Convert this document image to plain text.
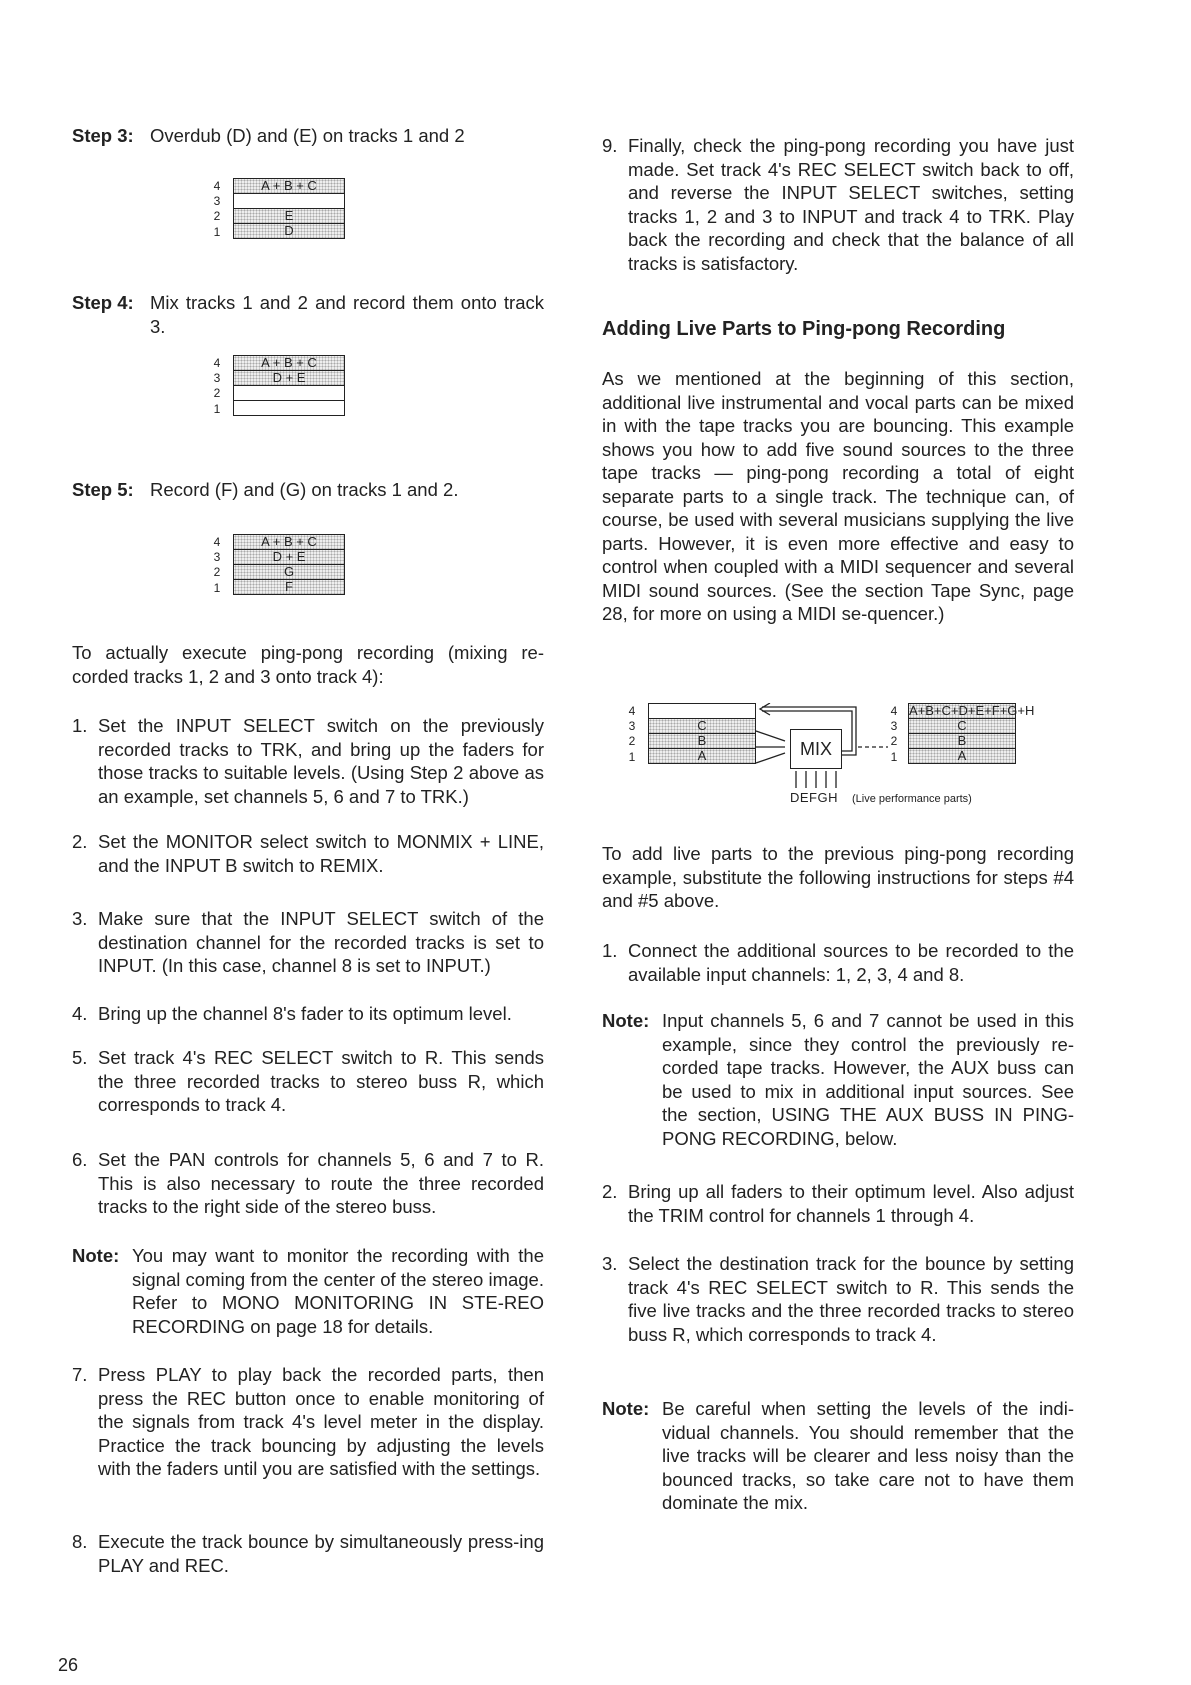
Step 3: Overdub (D) and (E) on tracks 1 and 2
4
3
2
1
A + B + C
E
D
Step 4: Mix tracks 1 and 2 and record them onto track 3.
4
3
2
1
A + B + C
D + E
Step 5: Record (F) and (G) on tracks 1 and 2.
4
3
2
1
A + B + C
D + E
G
F
To actually execute ping-pong recording (mixing re-corded tracks 1, 2 and 3 onto track 4):
1. Set the INPUT SELECT switch on the previously recorded tracks to TRK, and bring up the faders for those tracks to suitable levels. (Using Step 2 above as an example, set channels 5, 6 and 7 to TRK.)
2. Set the MONITOR select switch to MONMIX + LINE, and the INPUT B switch to REMIX.
3. Make sure that the INPUT SELECT switch of the destination channel for the recorded tracks is set to INPUT. (In this case, channel 8 is set to INPUT.)
4. Bring up the channel 8's fader to its optimum level.
5. Set track 4's REC SELECT switch to R. This sends the three recorded tracks to stereo buss R, which corresponds to track 4.
6. Set the PAN controls for channels 5, 6 and 7 to R. This is also necessary to route the three recorded tracks to the right side of the stereo buss.
Note: You may want to monitor the recording with the signal coming from the center of the stereo image. Refer to MONO MONITORING IN STE-REO RECORDING on page 18 for details.
7. Press PLAY to play back the recorded parts, then press the REC button once to enable monitoring of the signals from track 4's level meter in the display. Practice the track bouncing by adjusting the levels with the faders until you are satisfied with the settings.
8. Execute the track bounce by simultaneously press-ing PLAY and REC.
9. Finally, check the ping-pong recording you have just made. Set track 4's REC SELECT switch back to off, and reverse the INPUT SELECT switches, setting tracks 1, 2 and 3 to INPUT and track 4 to TRK. Play back the recording and check that the balance of all tracks is satisfactory.
Adding Live Parts to Ping-pong Recording
As we mentioned at the beginning of this section, additional live instrumental and vocal parts can be mixed in with the tape tracks you are bouncing. This example shows you how to add five sound sources to the three tape tracks — ping-pong recording a total of eight separate parts to a single track. The technique can, of course, be used with several musicians supplying the live parts. However, it is even more effective and easy to control when coupled with a MIDI sequencer and several MIDI sound sources. (See the section Tape Sync, page 28, for more on using a MIDI se-quencer.)
4
3
2
1
C
B
A
4
3
2
1
A+B+C+D+E+F+G+H
C
B
A
MIX
DEFGH (Live performance parts)
To add live parts to the previous ping-pong recording example, substitute the following instructions for steps #4 and #5 above.
1. Connect the additional sources to be recorded to the available input channels: 1, 2, 3, 4 and 8.
Note: Input channels 5, 6 and 7 cannot be used in this example, since they control the previously re-corded tape tracks. However, the AUX buss can be used to mix in additional input sources. See the section, USING THE AUX BUSS IN PING-PONG RECORDING, below.
2. Bring up all faders to their optimum level. Also adjust the TRIM control for channels 1 through 4.
3. Select the destination track for the bounce by setting track 4's REC SELECT switch to R. This sends the five live tracks and the three recorded tracks to stereo buss R, which corresponds to track 4.
Note: Be careful when setting the levels of the indi-vidual channels. You should remember that the live tracks will be clearer and less noisy than the bounced tracks, so take care not to have them dominate the mix.
26
